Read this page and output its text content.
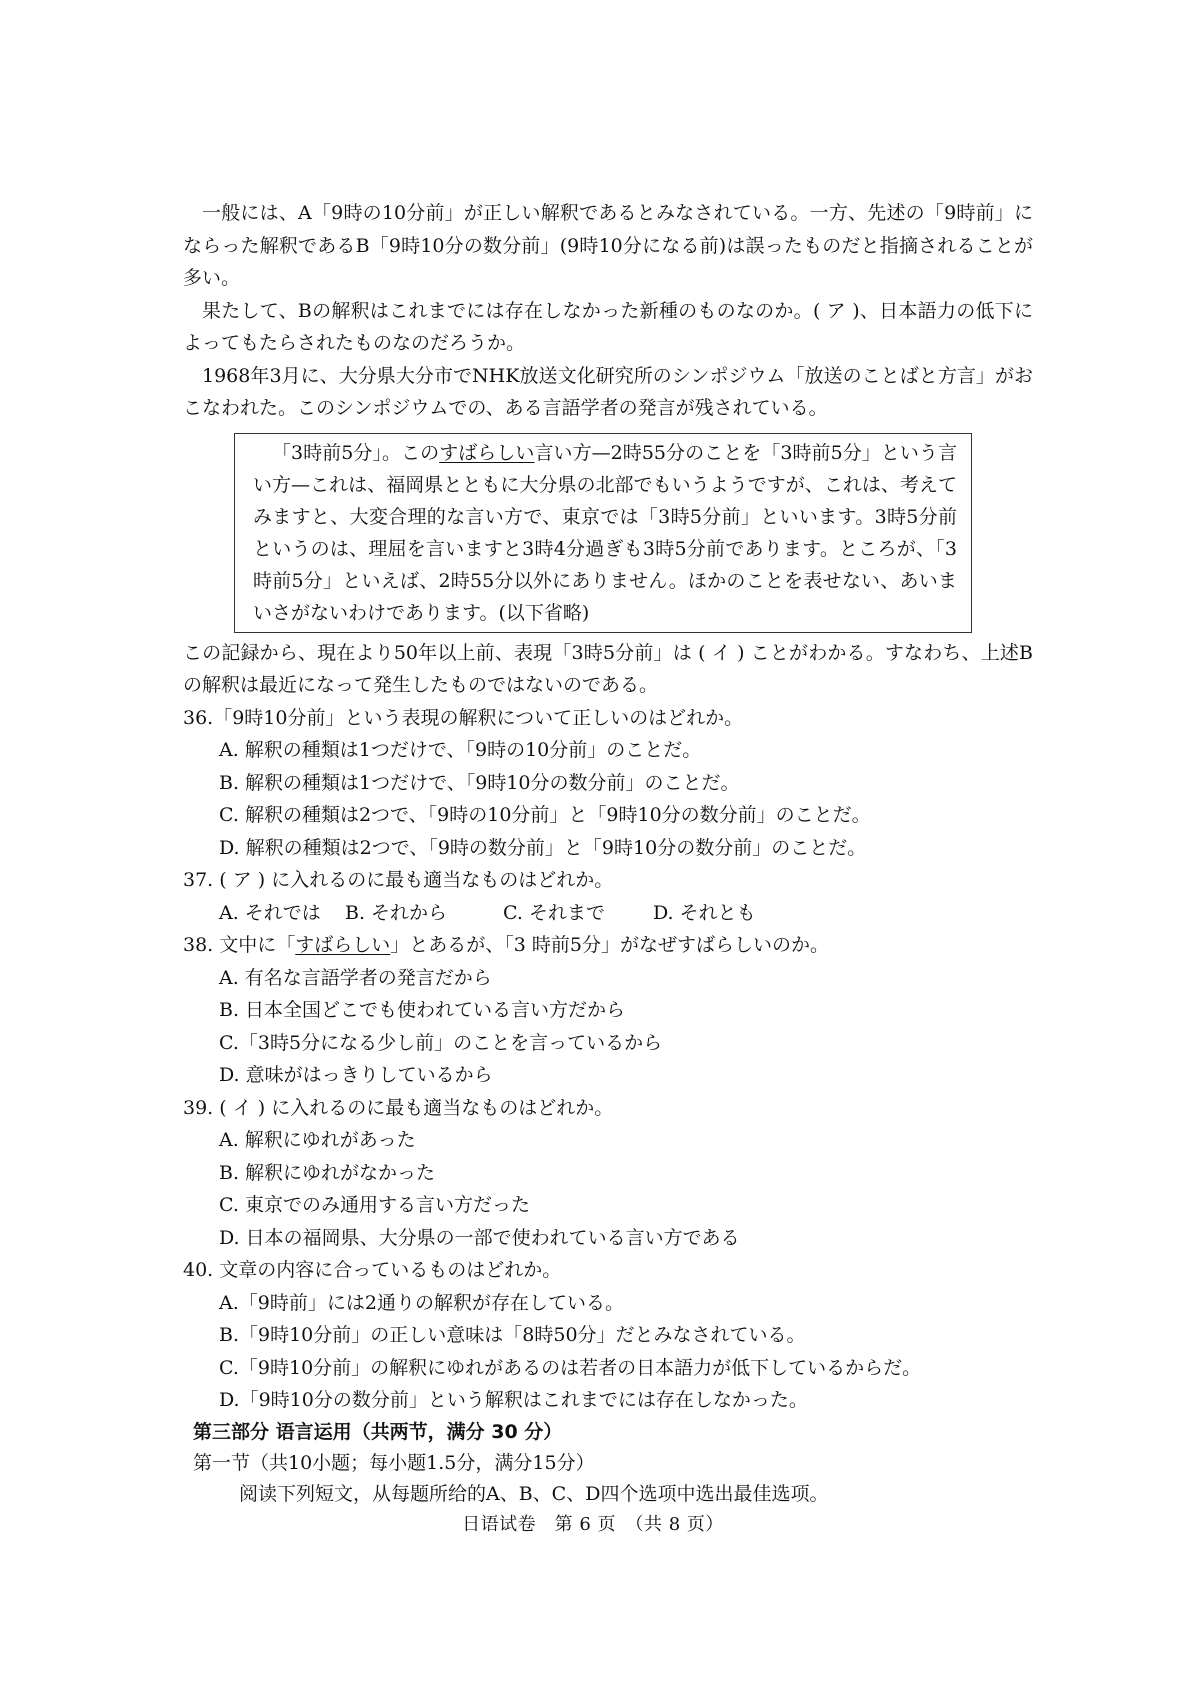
一般には、A「9時の10分前」が正しい解釈であるとみなされている。一方、先述の「9時前」にならった解釈であるB「9時10分の数分前」(9時10分になる前)は誤ったものだと指摘されることが多い。

果たして、Bの解釈はこれまでには存在しなかった新種のものなのか。( ア )、日本語力の低下によってもたらされたものなのだろうか。

1968年3月に、大分県大分市でNHK放送文化研究所のシンポジウム「放送のことばと方言」がおこなわれた。このシンポジウムでの、ある言語学者の発言が残されている。

「3時前5分」。このすばらしい言い方—2時55分のことを「3時前5分」という言い方—これは、福岡県とともに大分県の北部でもいうようですが、これは、考えてみますと、大変合理的な言い方で、東京では「3時5分前」といいます。3時5分前というのは、理屈を言いますと3時4分過ぎも3時5分前であります。ところが、「3時前5分」といえば、2時55分以外にありません。ほかのことを表せない、あいまいさがないわけであります。(以下省略)

この記録から、現在より50年以上前、表現「3時5分前」は ( イ ) ことがわかる。すなわち、上述Bの解釈は最近になって発生したものではないのである。

36.「9時10分前」という表現の解釈について正しいのはどれか。

A. 解釈の種類は1つだけで、「9時の10分前」のことだ。

B. 解釈の種類は1つだけで、「9時10分の数分前」のことだ。

C. 解釈の種類は2つで、「9時の10分前」と「9時10分の数分前」のことだ。

D. 解釈の種類は2つで、「9時の数分前」と「9時10分の数分前」のことだ。

37. ( ア ) に入れるのに最も適当なものはどれか。

A. それでは	B. それから	C. それまで	D. それとも

38. 文中に「すばらしい」とあるが、「3 時前5分」がなぜすばらしいのか。

A. 有名な言語学者の発言だから

B. 日本全国どこでも使われている言い方だから

C.「3時5分になる少し前」のことを言っているから

D. 意味がはっきりしているから

39. ( イ ) に入れるのに最も適当なものはどれか。

A. 解釈にゆれがあった

B. 解釈にゆれがなかった

C. 東京でのみ通用する言い方だった

D. 日本の福岡県、大分県の一部で使われている言い方である

40. 文章の内容に合っているものはどれか。

A.「9時前」には2通りの解釈が存在している。

B.「9時10分前」の正しい意味は「8時50分」だとみなされている。

C.「9時10分前」の解釈にゆれがあるのは若者の日本語力が低下しているからだ。

D.「9時10分の数分前」という解釈はこれまでには存在しなかった。

第三部分 语言运用（共两节，满分 30 分）

第一节（共10小题；每小题1.5分，满分15分）

阅读下列短文，从每题所给的A、B、C、D四个选项中选出最佳选项。

日语试卷　第 6 页　（共 8 页）
